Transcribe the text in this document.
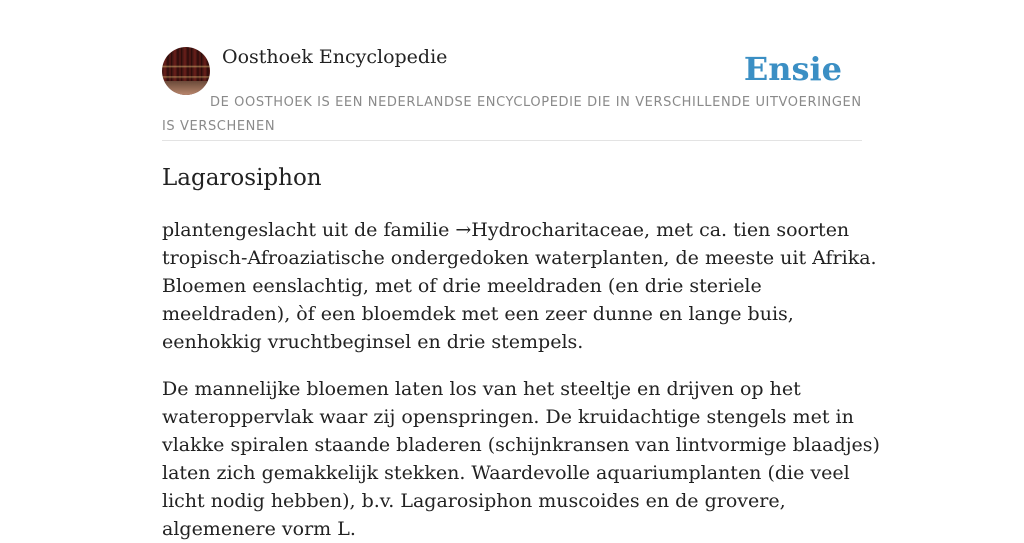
Oosthoek Encyclopedie	Ensie
DE OOSTHOEK IS EEN NEDERLANDSE ENCYCLOPEDIE DIE IN VERSCHILLENDE UITVOERINGEN IS VERSCHENEN
Lagarosiphon

plantengeslacht uit de familie →Hydrocharitaceae, met ca. tien soorten tropisch-Afroaziatische ondergedoken waterplanten, de meeste uit Afrika. Bloemen eenslachtig, met of drie meeldraden (en drie steriele meeldraden), òf een bloemdek met een zeer dunne en lange buis, eenhokkig vruchtbeginsel en drie stempels.

De mannelijke bloemen laten los van het steeltje en drijven op het wateroppervlak waar zij openspringen. De kruidachtige stengels met in vlakke spiralen staande bladeren (schijnkransen van lintvormige blaadjes) laten zich gemakkelijk stekken. Waardevolle aquariumplanten (die veel licht nodig hebben), b.v. Lagarosiphon muscoides en de grovere, algemenere vorm L.
